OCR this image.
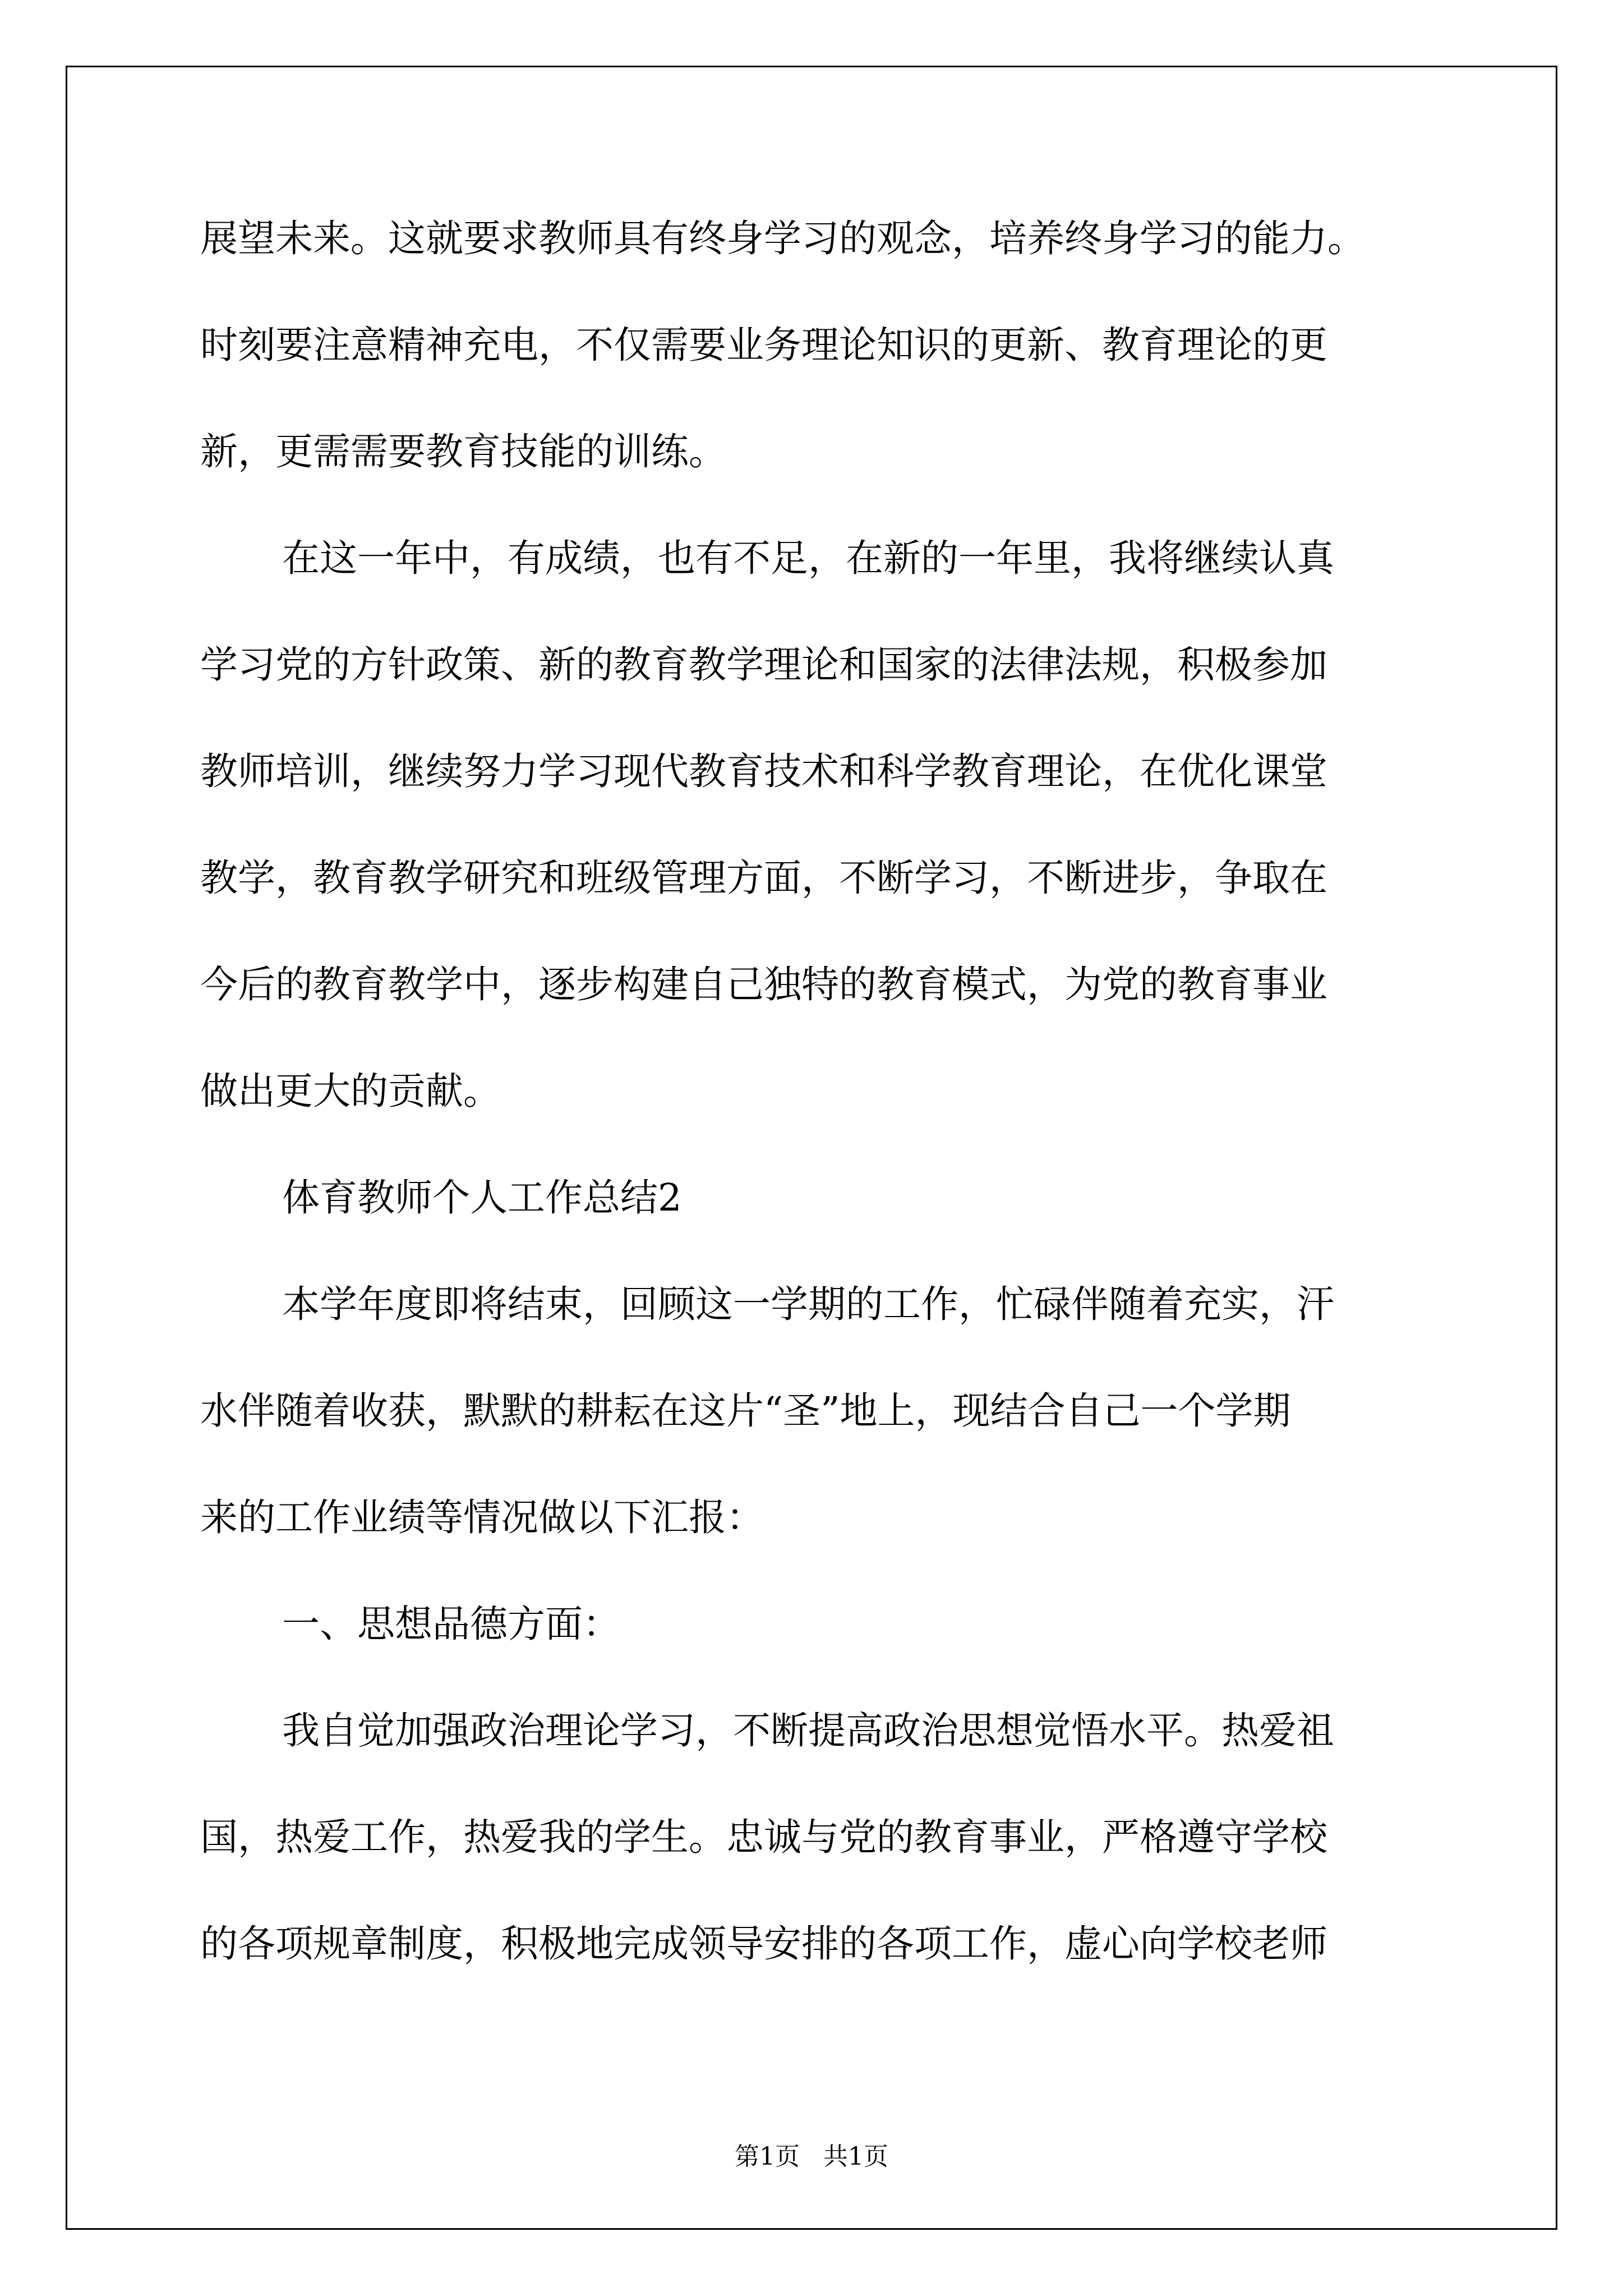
展望未来。这就要求教师具有终身学习的观念，培养终身学习的能力。
时刻要注意精神充电，不仅需要业务理论知识的更新、教育理论的更
新，更需需要教育技能的训练。
在这一年中，有成绩，也有不足，在新的一年里，我将继续认真
学习党的方针政策、新的教育教学理论和国家的法律法规，积极参加
教师培训，继续努力学习现代教育技术和科学教育理论，在优化课堂
教学，教育教学研究和班级管理方面，不断学习，不断进步，争取在
今后的教育教学中，逐步构建自己独特的教育模式，为党的教育事业
做出更大的贡献。
体育教师个人工作总结2
本学年度即将结束，回顾这一学期的工作，忙碌伴随着充实，汗
水伴随着收获，默默的耕耘在这片“圣”地上，现结合自己一个学期
来的工作业绩等情况做以下汇报：
一、思想品德方面：
我自觉加强政治理论学习，不断提高政治思想觉悟水平。热爱祖
国，热爱工作，热爱我的学生。忠诚与党的教育事业，严格遵守学校
的各项规章制度，积极地完成领导安排的各项工作，虚心向学校老师
第1页   共1页
